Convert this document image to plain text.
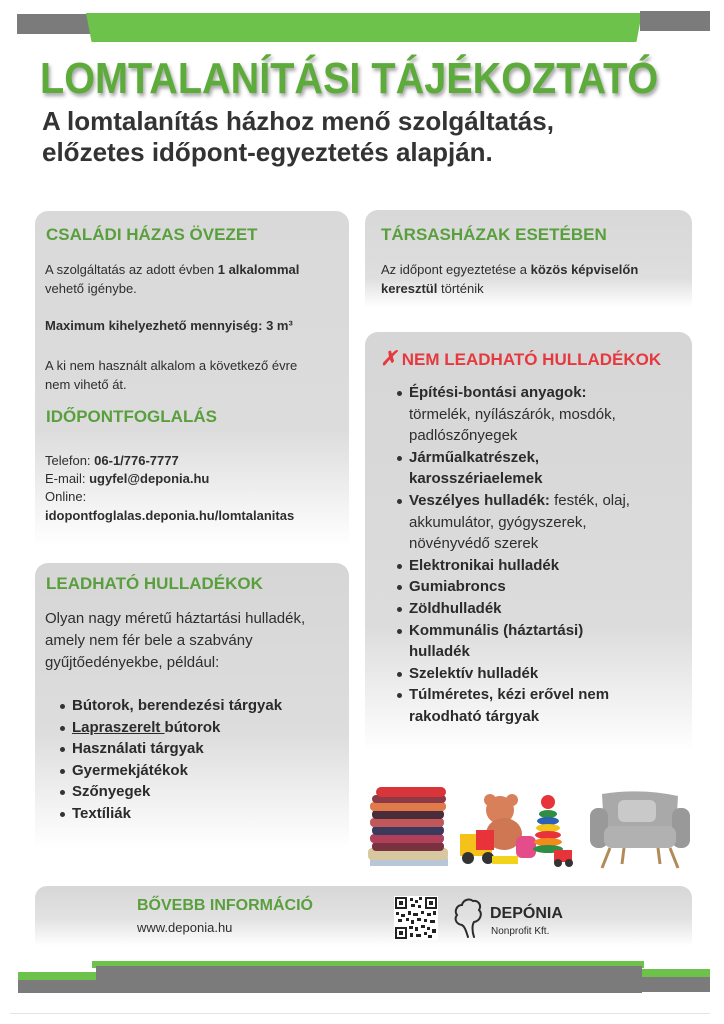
LOMTALANÍTÁSI TÁJÉKOZTATÓ
A lomtalanítás házhoz menő szolgáltatás,
előzetes időpont-egyeztetés alapján.
CSALÁDI HÁZAS ÖVEZET
A szolgáltatás az adott évben 1 alkalommal
vehető igénybe.
Maximum kihelyezhető mennyiség: 3 m³
A ki nem használt alkalom a következő évre
nem vihető át.
IDŐPONTFOGLALÁS
Telefon: 06-1/776-7777
E-mail: ugyfel@deponia.hu
Online:
idopontfoglalas.deponia.hu/lomtalanitas
LEADHATÓ HULLADÉKOK
Olyan nagy méretű háztartási hulladék,
amely nem fér bele a szabvány
gyűjtőedényekbe, például:
Bútorok, berendezési tárgyak
Lapraszerelt bútorok
Használati tárgyak
Gyermekjátékok
Szőnyegek
Textíliák
TÁRSASHÁZAK ESETÉBEN
Az időpont egyeztetése a közös képviselőn
keresztül történik
✗NEM LEADHATÓ HULLADÉKOK
Építési-bontási anyagok:
törmelék, nyílászárók, mosdók,
padlószőnyegek
Járműalkatrészek,
karosszériaelemek
Veszélyes hulladék: festék, olaj,
akkumulátor, gyógyszerek,
növényvédő szerek
Elektronikai hulladék
Gumiabroncs
Zöldhulladék
Kommunális (háztartási)
hulladék
Szelektív hulladék
Túlméretes, kézi erővel nem
rakodható tárgyak
BŐVEBB INFORMÁCIÓ
www.deponia.hu
DEPÓNIA
Nonprofit Kft.
